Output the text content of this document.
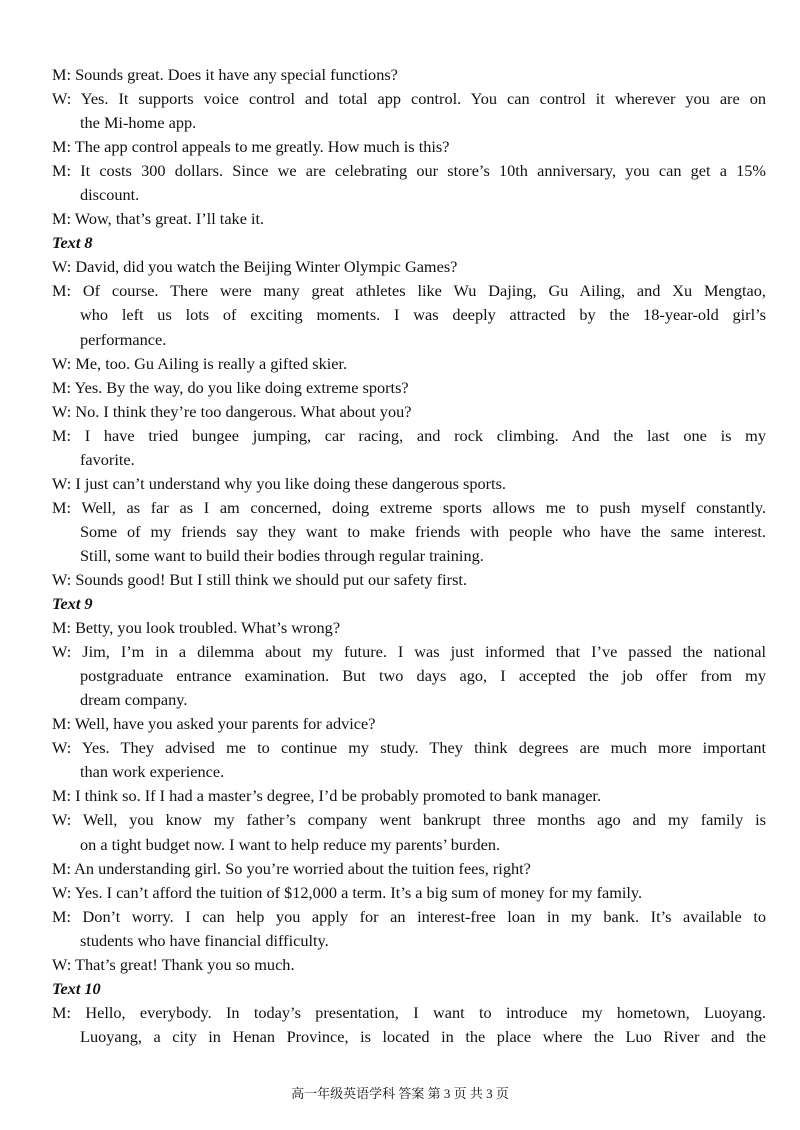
M: Sounds great. Does it have any special functions?
W: Yes. It supports voice control and total app control. You can control it wherever you are on
the Mi-home app.
M: The app control appeals to me greatly. How much is this?
M: It costs 300 dollars. Since we are celebrating our store’s 10th anniversary, you can get a 15%
discount.
M: Wow, that’s great. I’ll take it.
Text 8
W: David, did you watch the Beijing Winter Olympic Games?
M: Of course. There were many great athletes like Wu Dajing, Gu Ailing, and Xu Mengtao,
who left us lots of exciting moments. I was deeply attracted by the 18-year-old girl’s
performance.
W: Me, too. Gu Ailing is really a gifted skier.
M: Yes. By the way, do you like doing extreme sports?
W: No. I think they’re too dangerous. What about you?
M: I have tried bungee jumping, car racing, and rock climbing. And the last one is my
favorite.
W: I just can’t understand why you like doing these dangerous sports.
M: Well, as far as I am concerned, doing extreme sports allows me to push myself constantly.
Some of my friends say they want to make friends with people who have the same interest.
Still, some want to build their bodies through regular training.
W: Sounds good! But I still think we should put our safety first.
Text 9
M: Betty, you look troubled. What’s wrong?
W: Jim, I’m in a dilemma about my future. I was just informed that I’ve passed the national
postgraduate entrance examination. But two days ago, I accepted the job offer from my
dream company.
M: Well, have you asked your parents for advice?
W: Yes. They advised me to continue my study. They think degrees are much more important
than work experience.
M: I think so. If I had a master’s degree, I’d be probably promoted to bank manager.
W: Well, you know my father’s company went bankrupt three months ago and my family is
on a tight budget now. I want to help reduce my parents’ burden.
M: An understanding girl. So you’re worried about the tuition fees, right?
W: Yes. I can’t afford the tuition of $12,000 a term. It’s a big sum of money for my family.
M: Don’t worry. I can help you apply for an interest-free loan in my bank. It’s available to
students who have financial difficulty.
W: That’s great! Thank you so much.
Text 10
M: Hello, everybody. In today’s presentation, I want to introduce my hometown, Luoyang.
Luoyang, a city in Henan Province, is located in the place where the Luo River and the
高一年级英语学科 答案 第 3 页 共 3 页
